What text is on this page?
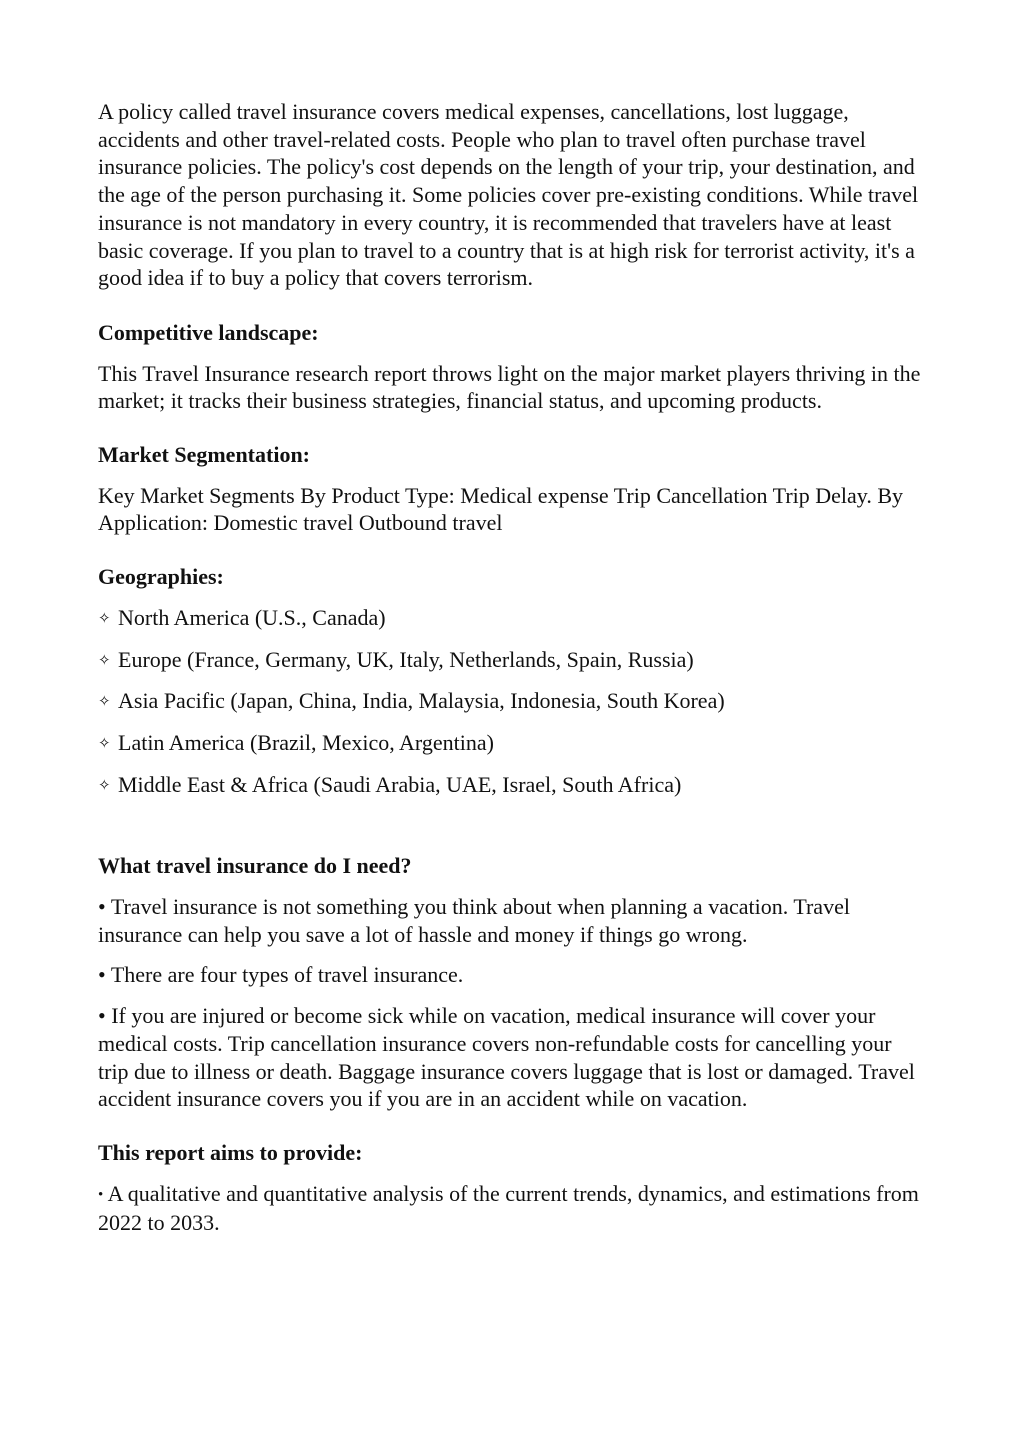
A policy called travel insurance covers medical expenses, cancellations, lost luggage, accidents and other travel-related costs. People who plan to travel often purchase travel insurance policies. The policy's cost depends on the length of your trip, your destination, and the age of the person purchasing it. Some policies cover pre-existing conditions. While travel insurance is not mandatory in every country, it is recommended that travelers have at least basic coverage. If you plan to travel to a country that is at high risk for terrorist activity, it's a good idea if to buy a policy that covers terrorism.

Competitive landscape:

This Travel Insurance research report throws light on the major market players thriving in the market; it tracks their business strategies, financial status, and upcoming products.

Market Segmentation:

Key Market Segments By Product Type: Medical expense Trip Cancellation Trip Delay. By Application: Domestic travel Outbound travel

Geographies:

✧ North America (U.S., Canada)

✧ Europe (France, Germany, UK, Italy, Netherlands, Spain, Russia)

✧ Asia Pacific (Japan, China, India, Malaysia, Indonesia, South Korea)

✧ Latin America (Brazil, Mexico, Argentina)

✧ Middle East & Africa (Saudi Arabia, UAE, Israel, South Africa)

What travel insurance do I need?

• Travel insurance is not something you think about when planning a vacation. Travel insurance can help you save a lot of hassle and money if things go wrong.

• There are four types of travel insurance.

• If you are injured or become sick while on vacation, medical insurance will cover your medical costs. Trip cancellation insurance covers non-refundable costs for cancelling your trip due to illness or death. Baggage insurance covers luggage that is lost or damaged. Travel accident insurance covers you if you are in an accident while on vacation.

This report aims to provide:

• A qualitative and quantitative analysis of the current trends, dynamics, and estimations from 2022 to 2033.
